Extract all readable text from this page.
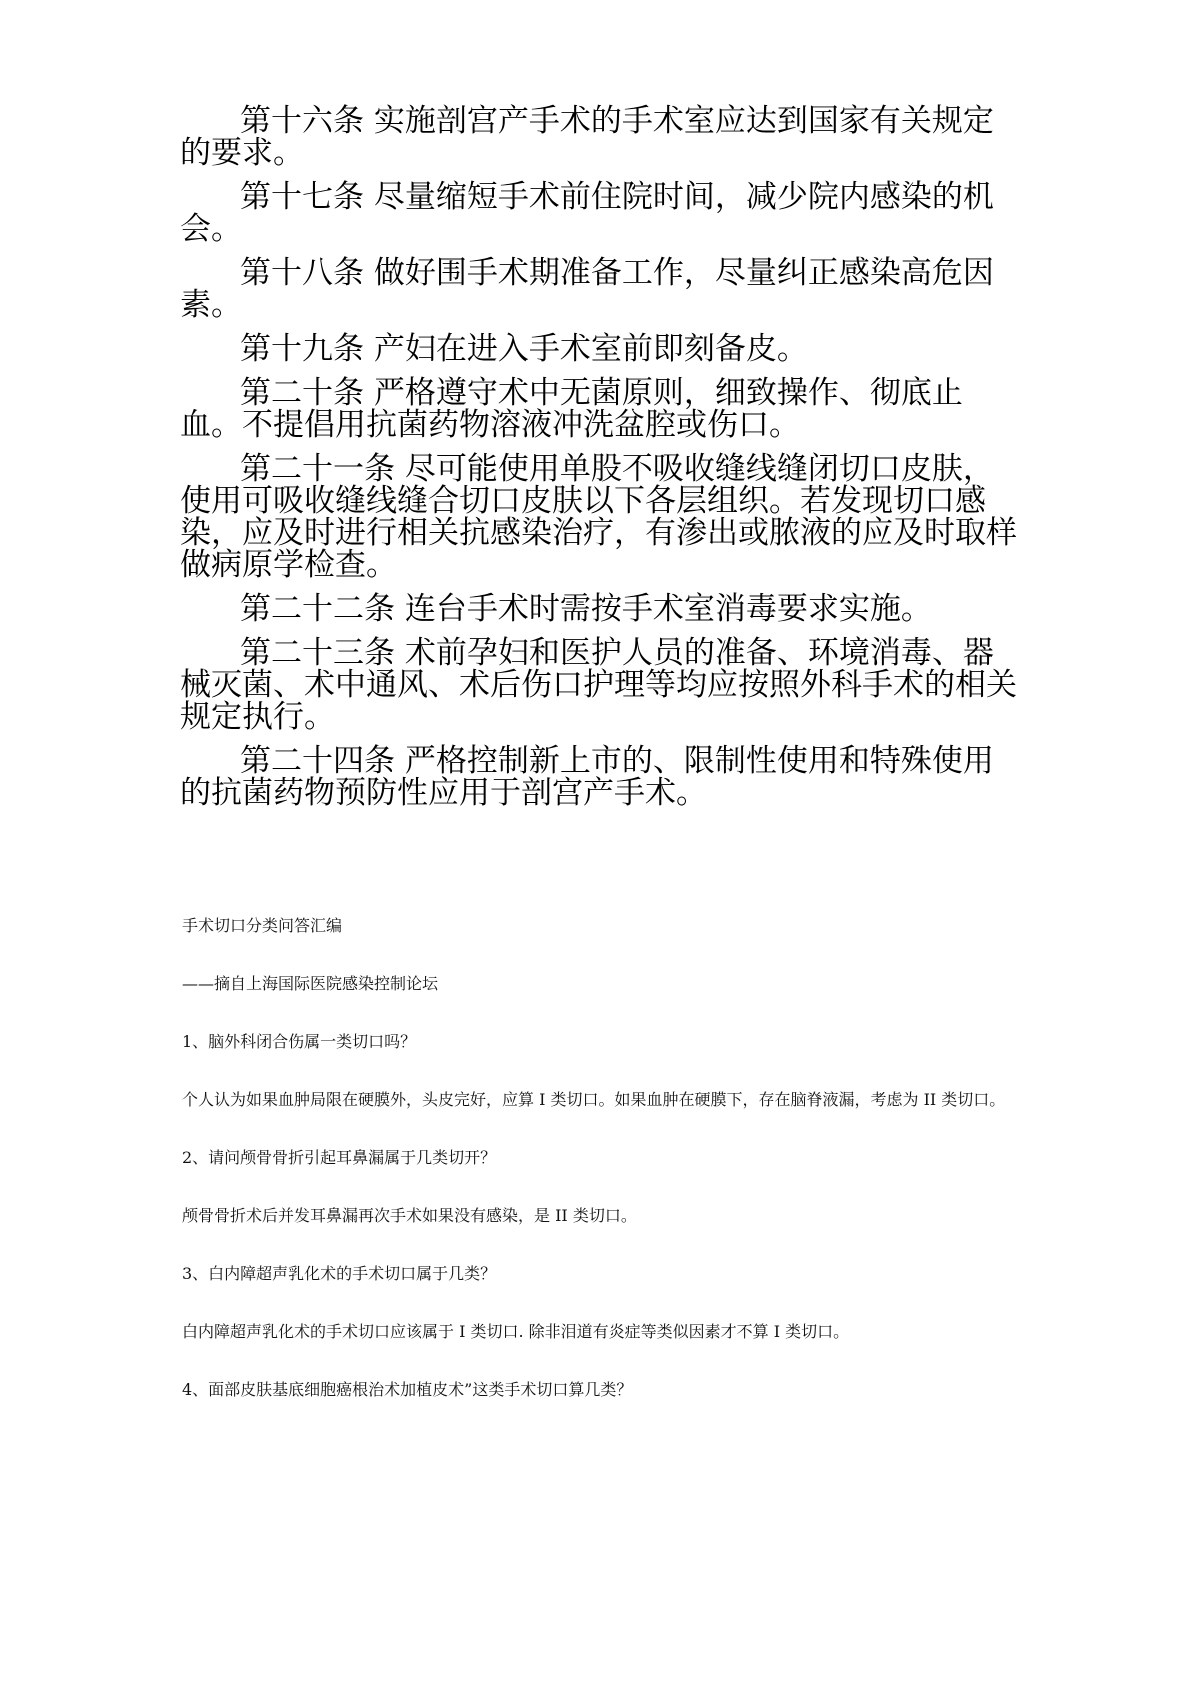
第十六条 实施剖宫产手术的手术室应达到国家有关规定的要求。

第十七条 尽量缩短手术前住院时间，减少院内感染的机会。

第十八条 做好围手术期准备工作，尽量纠正感染高危因素。

第十九条 产妇在进入手术室前即刻备皮。

第二十条 严格遵守术中无菌原则，细致操作、彻底止血。不提倡用抗菌药物溶液冲洗盆腔或伤口。

第二十一条 尽可能使用单股不吸收缝线缝闭切口皮肤，使用可吸收缝线缝合切口皮肤以下各层组织。若发现切口感染，应及时进行相关抗感染治疗，有渗出或脓液的应及时取样做病原学检查。

第二十二条 连台手术时需按手术室消毒要求实施。

第二十三条 术前孕妇和医护人员的准备、环境消毒、器械灭菌、术中通风、术后伤口护理等均应按照外科手术的相关规定执行。

第二十四条 严格控制新上市的、限制性使用和特殊使用的抗菌药物预防性应用于剖宫产手术。

手术切口分类问答汇编

——摘自上海国际医院感染控制论坛

1、脑外科闭合伤属一类切口吗？

个人认为如果血肿局限在硬膜外，头皮完好，应算 I 类切口。如果血肿在硬膜下，存在脑脊液漏，考虑为 II 类切口。

2、请问颅骨骨折引起耳鼻漏属于几类切开？

颅骨骨折术后并发耳鼻漏再次手术如果没有感染，是 II 类切口。

3、白内障超声乳化术的手术切口属于几类？

白内障超声乳化术的手术切口应该属于 I 类切口. 除非泪道有炎症等类似因素才不算 I 类切口。

4、面部皮肤基底细胞癌根治术加植皮术”这类手术切口算几类？
